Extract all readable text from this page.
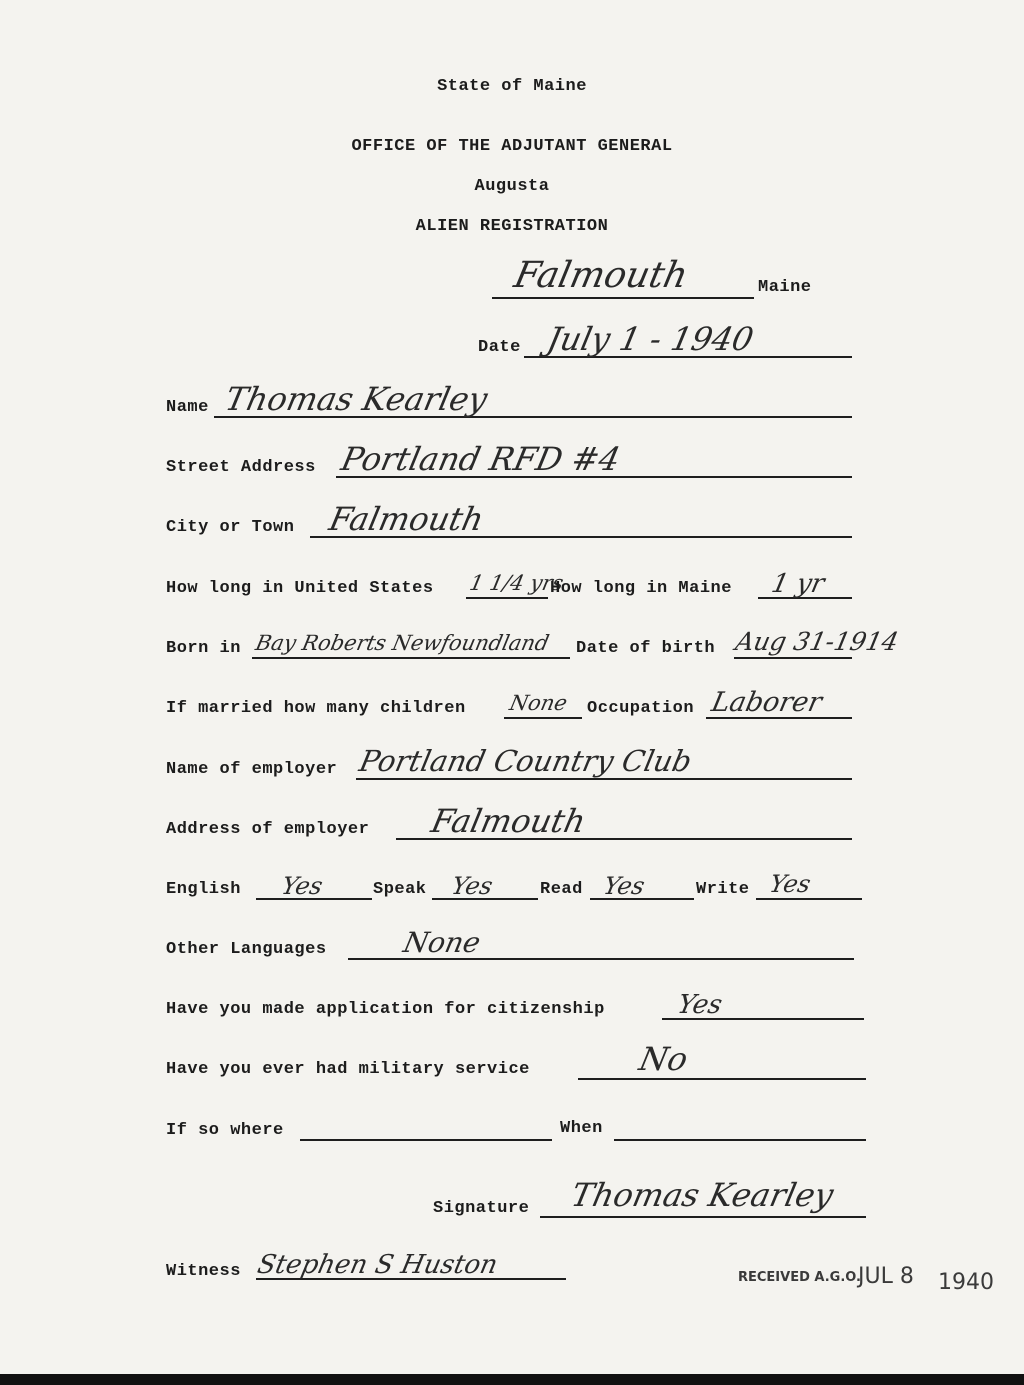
State of Maine
OFFICE OF THE ADJUTANT GENERAL
Augusta
ALIEN REGISTRATION
Falmouth	Maine
Date July 1 - 1940
Name Thomas Kearley
Street Address Portland RFD #4
City or Town Falmouth
How long in United States 1 1/4 yrs
How long in Maine 1 yr
Born in Bay Roberts Newfoundland Date of birth Aug 31-1914
If married how many children None Occupation Laborer
Name of employer Portland Country Club
Address of employer Falmouth
English Yes	Speak Yes	Read Yes	Write Yes
Other Languages	None
Have you made application for citizenship	Yes
Have you ever had military service	No
If so where	When
Signature Thomas Kearley
Witness Stephen S Huston	RECEIVED A.G.O.
JUL 8 1940
